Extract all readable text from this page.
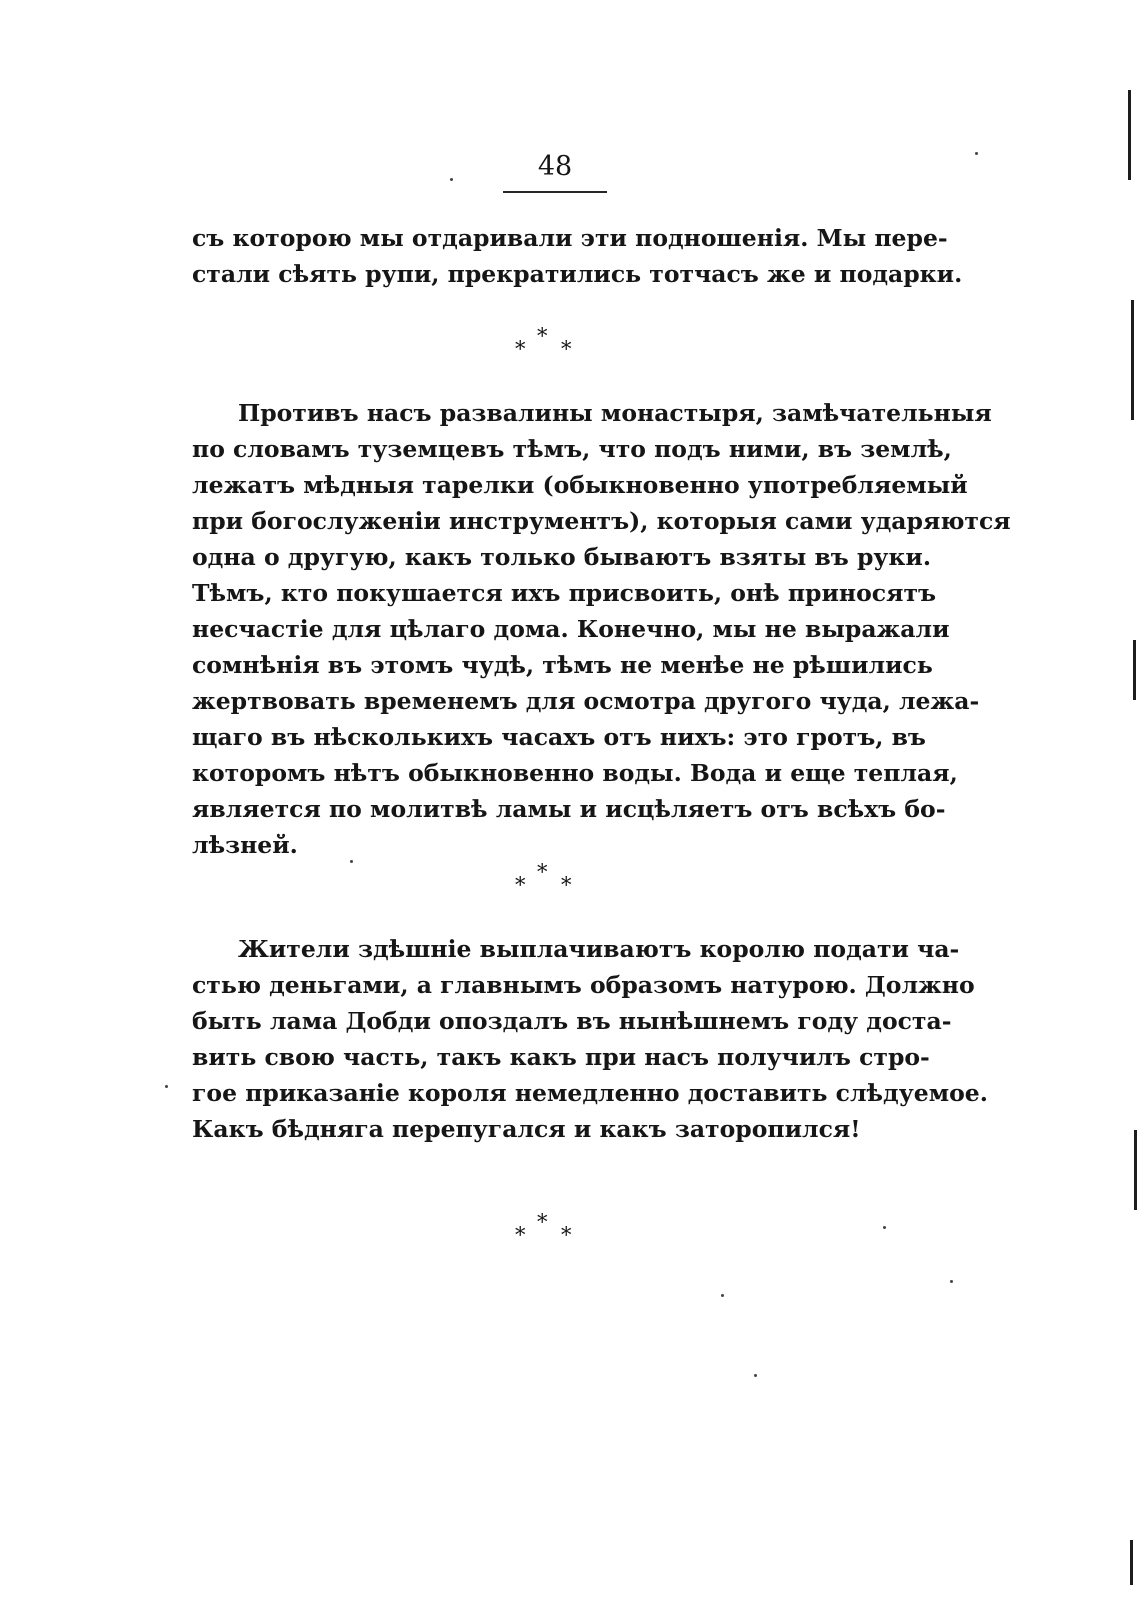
48

съ которою мы отдаривали эти подношенія. Мы пере-

стали сѣять рупи, прекратились тотчасъ же и подарки.

*
* *

Противъ насъ развалины монастыря, замѣчательныя

по словамъ туземцевъ тѣмъ, что подъ ними, въ землѣ,

лежатъ мѣдныя тарелки (обыкновенно употребляемый

при богослуженіи инструментъ), которыя сами ударяются

одна о другую, какъ только бываютъ взяты въ руки.

Тѣмъ, кто покушается ихъ присвоить, онѣ приносятъ

несчастіе для цѣлаго дома. Конечно, мы не выражали

сомнѣнія въ этомъ чудѣ, тѣмъ не менѣе не рѣшились

жертвовать временемъ для осмотра другого чуда, лежа-

щаго въ нѣсколькихъ часахъ отъ нихъ: это гротъ, въ

которомъ нѣтъ обыкновенно воды. Вода и еще теплая,

является по молитвѣ ламы и исцѣляетъ отъ всѣхъ бо-

лѣзней.

*
* *

Жители здѣшніе выплачиваютъ королю подати ча-

стью деньгами, а главнымъ образомъ натурою. Должно

быть лама Добди опоздалъ въ нынѣшнемъ году доста-

вить свою часть, такъ какъ при насъ получилъ стро-

гое приказаніе короля немедленно доставить слѣдуемое.

Какъ бѣдняга перепугался и какъ заторопился!

*
* *
